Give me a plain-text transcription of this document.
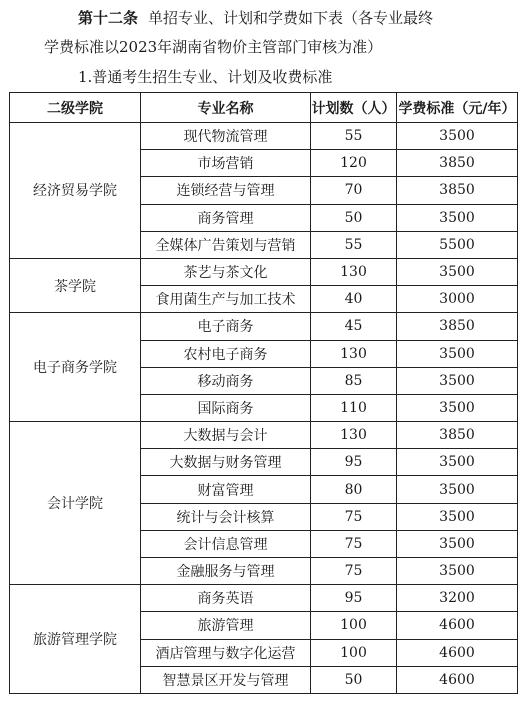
第十二条 单招专业、计划和学费如下表（各专业最终
学费标准以2023年湖南省物价主管部门审核为准）
1.普通考生招生专业、计划及收费标准
二级学院	专业名称	计划数（人）	学费标准（元/年）
经济贸易学院	现代物流管理	55	3500
	市场营销	120	3850
	连锁经营与管理	70	3850
	商务管理	50	3500
	全媒体广告策划与营销	55	5500
茶学院	茶艺与茶文化	130	3500
	食用菌生产与加工技术	40	3000
电子商务学院	电子商务	45	3850
	农村电子商务	130	3500
	移动商务	85	3500
	国际商务	110	3500
会计学院	大数据与会计	130	3850
	大数据与财务管理	95	3500
	财富管理	80	3500
	统计与会计核算	75	3500
	会计信息管理	75	3500
	金融服务与管理	75	3500
旅游管理学院	商务英语	95	3200
	旅游管理	100	4600
	酒店管理与数字化运营	100	4600
	智慧景区开发与管理	50	4600
